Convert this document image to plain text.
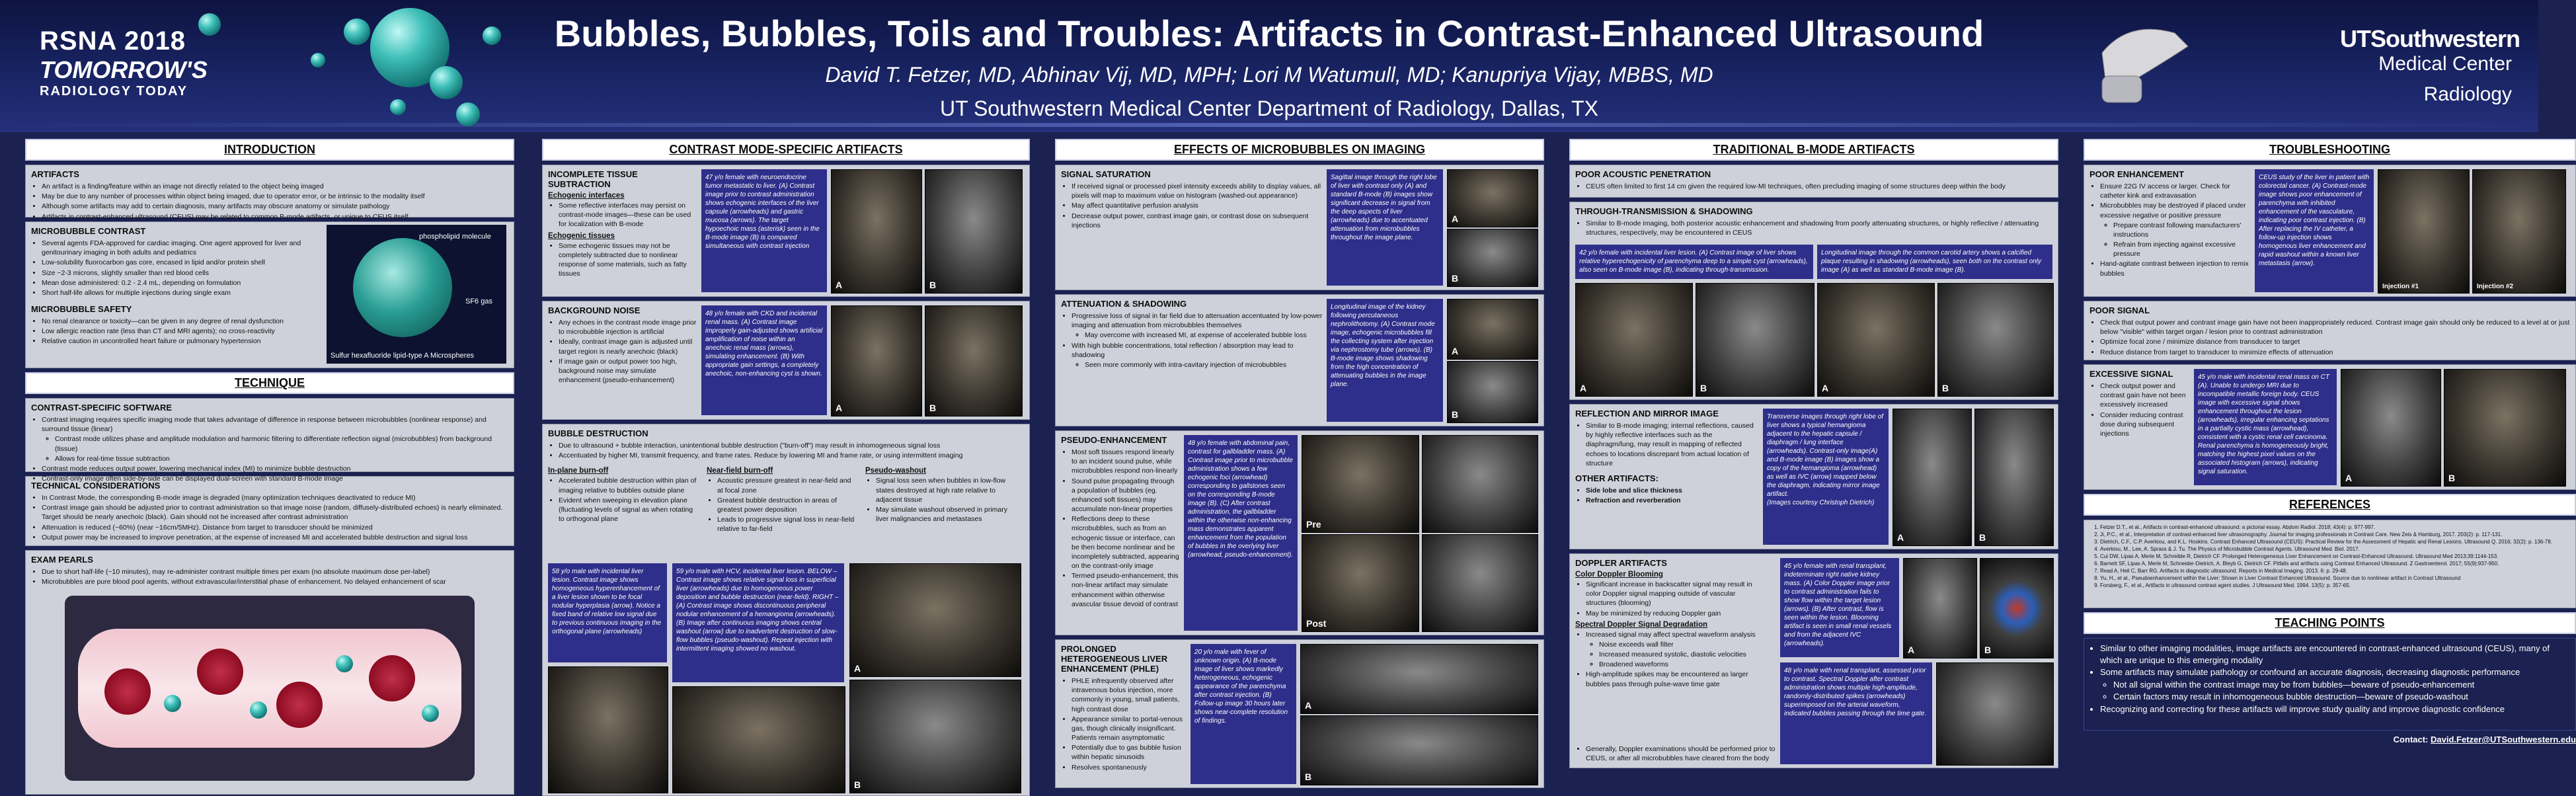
RSNA 2018
TOMORROW'S
RADIOLOGY TODAY
Bubbles, Bubbles, Toils and Troubles: Artifacts in Contrast-Enhanced Ultrasound
David T. Fetzer, MD, Abhinav Vij, MD, MPH; Lori M Watumull, MD; Kanupriya Vijay, MBBS, MD
UT Southwestern Medical Center Department of Radiology, Dallas, TX
UTSouthwestern
Medical Center
Radiology
INTRODUCTION
ARTIFACTS
• An artifact is a finding/feature within an image not directly related to the object being imaged
• May be due to any number of processes within object being imaged, due to operator error, or be intrinsic to the modality itself
• Although some artifacts may add to certain diagnosis, many artifacts may obscure anatomy or simulate pathology
• Artifacts in contrast-enhanced ultrasound (CEUS) may be related to common B-mode artifacts, or unique to CEUS itself
MICROBUBBLE CONTRAST
• Several agents FDA-approved for cardiac imaging. One agent approved for liver and genitourinary imaging in both adults and pediatrics
• Low-solubility fluorocarbon gas core, encased in lipid and/or protein shell
• Size ~2-3 microns, slightly smaller than red blood cells
• Mean dose administered: 0.2 - 2.4 mL, depending on formulation
• Short half-life allows for multiple injections during single exam
MICROBUBBLE SAFETY
• No renal clearance or toxicity—can be given in any degree of renal dysfunction
• Low allergic reaction rate (less than CT and MRI agents); no cross-reactivity
• Relative caution in uncontrolled heart failure or pulmonary hypertension
phospholipid molecule
SF6 gas
Sulfur hexafluoride lipid-type A Microspheres
TECHNIQUE
CONTRAST-SPECIFIC SOFTWARE
• Contrast imaging requires specific imaging mode that takes advantage of difference in response between microbubbles (nonlinear response) and surround tissue (linear)
◦ Contrast mode utilizes phase and amplitude modulation and harmonic filtering to differentiate reflection signal (microbubbles) from background (tissue)
◦ Allows for real-time tissue subtraction
• Contrast mode reduces output power, lowering mechanical index (MI) to minimize bubble destruction
• Contrast-only image often side-by-side can be displayed dual-screen with standard B-mode image
TECHNICAL CONSIDERATIONS
• In Contrast Mode, the corresponding B-mode image is degraded (many optimization techniques deactivated to reduce MI)
• Contrast image gain should be adjusted prior to contrast administration so that image noise (random, diffusely-distributed echoes) is nearly eliminated. Target should be nearly anechoic (black). Gain should not be increased after contrast administration
• Attenuation is reduced (~60%) (near ~16cm/5MHz). Distance from target to transducer should be minimized
• Output power may be increased to improve penetration, at the expense of increased MI and accelerated bubble destruction and signal loss
EXAM PEARLS
• Due to short half-life (~10 minutes), may re-administer contrast multiple times per exam (no absolute maximum dose per-label)
• Microbubbles are pure blood pool agents, without extravascular/interstitial phase of enhancement. No delayed enhancement of scar
CONTRAST MODE-SPECIFIC ARTIFACTS
INCOMPLETE TISSUE SUBTRACTION
Echogenic interfaces
• Some reflective interfaces may persist on contrast-mode images—these can be used for localization with B-mode
Echogenic tissues
• Some echogenic tissues may not be completely subtracted due to nonlinear response of some materials, such as fatty tissues
47 y/o female with neuroendocrine tumor metastatic to liver. (A) Contrast image prior to contrast administration shows echogenic interfaces of the liver capsule (arrowheads) and gastric mucosa (arrows). The target hypoechoic mass (asterisk) seen in the B-mode image (B) is compared simultaneous with contrast injection
A	B
BACKGROUND NOISE
• Any echoes in the contrast mode image prior to microbubble injection is artificial
• Ideally, contrast image gain is adjusted until target region is nearly anechoic (black)
• If image gain or output power too high, background noise may simulate enhancement (pseudo-enhancement)
48 y/o female with CKD and incidental renal mass. (A) Contrast image improperly gain-adjusted shows artificial amplification of noise within an anechoic renal mass (arrows), simulating enhancement. (B) With appropriate gain settings, a completely anechoic, non-enhancing cyst is shown.
A	B
BUBBLE DESTRUCTION
• Due to ultrasound + bubble interaction, unintentional bubble destruction ("burn-off") may result in inhomogeneous signal loss
• Accentuated by higher MI, transmit frequency, and frame rates. Reduce by lowering MI and frame rate, or using intermittent imaging
In-plane burn-off
• Accelerated bubble destruction within plan of imaging relative to bubbles outside plane
• Evident when sweeping in elevation plane (fluctuating levels of signal as when rotating to orthogonal plane
Near-field burn-off
• Acoustic pressure greatest in near-field and at focal zone
• Greatest bubble destruction in areas of greatest power deposition
• Leads to progressive signal loss in near-field relative to far-field
Pseudo-washout
• Signal loss seen when bubbles in low-flow states destroyed at high rate relative to adjacent tissue
• May simulate washout observed in primary liver malignancies and metastases
58 y/o male with incidental liver lesion. Contrast image shows homogeneous hyperenhancement of a liver lesion shown to be focal nodular hyperplasia (arrow). Notice a fixed band of relative low signal due to previous continuous imaging in the orthogonal plane (arrowheads)
59 y/o male with HCV, incidental liver lesion. BELOW – Contrast image shows relative signal loss in superficial liver (arrowheads) due to homogeneous power deposition and bubble destruction (near-field). RIGHT – (A) Contrast image shows discontinuous peripheral nodular enhancement of a hemangioma (arrowheads). (B) Image after continuous imaging shows central washout (arrow) due to inadvertent destruction of slow-flow bubbles (pseudo-washout). Repeat injection with intermittent imaging showed no washout.
A
B
EFFECTS OF MICROBUBBLES ON IMAGING
SIGNAL SATURATION
• If received signal or processed pixel intensity exceeds ability to display values, all pixels will map to maximum value on histogram (washed-out appearance)
• May affect quantitative perfusion analysis
• Decrease output power, contrast image gain, or contrast dose on subsequent injections
Sagittal image through the right lobe of liver with contrast only (A) and standard B-mode (B) images show significant decrease in signal from the deep aspects of liver (arrowheads) due to accentuated attenuation from microbubbles throughout the image plane.
A
B
ATTENUATION & SHADOWING
• Progressive loss of signal in far field due to attenuation accentuated by low-power imaging and attenuation from microbubbles themselves
◦ May overcome with increased MI, at expense of accelerated bubble loss
• With high bubble concentrations, total reflection / absorption may lead to shadowing
◦ Seen more commonly with intra-cavitary injection of microbubbles
Longitudinal image of the kidney following percutaneous nephrolithotomy. (A) Contrast mode image, echogenic microbubbles fill the collecting system after injection via nephrostomy tube (arrows). (B) B-mode image shows shadowing from the high concentration of attenuating bubbles in the image plane.
A
B
PSEUDO-ENHANCEMENT
• Most soft tissues respond linearly to an incident sound pulse, while microbubbles respond non-linearly
• Sound pulse propagating through a population of bubbles (eg. enhanced soft tissues) may accumulate non-linear properties
• Reflections deep to these microbubbles, such as from an echogenic tissue or interface, can be then become nonlinear and be incompletely subtracted, appearing on the contrast-only image
• Termed pseudo-enhancement, this non-linear artifact may simulate enhancement within otherwise avascular tissue devoid of contrast
48 y/o female with abdominal pain, contrast for gallbladder mass. (A) Contrast image prior to microbubble administration shows a few echogenic foci (arrowhead) corresponding to gallstones seen on the corresponding B-mode image (B). (C) After contrast administration, the gallbladder within the otherwise non-enhancing mass demonstrates apparent enhancement from the population of bubbles in the overlying liver (arrowhead, pseudo-enhancement).
Pre
Post
PROLONGED HETEROGENEOUS LIVER ENHANCEMENT (PHLE)
• PHLE infrequently observed after intravenous bolus injection, more commonly in young, small patients, high contrast dose
• Appearance similar to portal-venous gas, though clinically insignificant. Patients remain asymptomatic
• Potentially due to gas bubble fusion within hepatic sinusoids
• Resolves spontaneously
20 y/o male with fever of unknown origin. (A) B-mode image of liver shows markedly heterogeneous, echogenic appearance of the parenchyma after contrast injection. (B) Follow-up image 30 hours later shows near-complete resolution of findings.
A
B
TRADITIONAL B-MODE ARTIFACTS
POOR ACOUSTIC PENETRATION
• CEUS often limited to first 14 cm given the required low-MI techniques, often precluding imaging of some structures deep within the body
THROUGH-TRANSMISSION & SHADOWING
• Similar to B-mode imaging, both posterior acoustic enhancement and shadowing from poorly attenuating structures, or highly reflective / attenuating structures, respectively, may be encountered in CEUS
42 y/o female with incidental liver lesion. (A) Contrast image of liver shows relative hyperechogenicity of parenchyma deep to a simple cyst (arrowheads), also seen on B-mode image (B), indicating through-transmission.
Longitudinal image through the common carotid artery shows a calcified plaque resulting in shadowing (arrowheads), seen both on the contrast only image (A) as well as standard B-mode image (B).
A	B	A	B
REFLECTION AND MIRROR IMAGE
• Similar to B-mode imaging; internal reflections, caused by highly reflective interfaces such as the diaphragm/lung, may result in mapping of reflected echoes to locations discrepant from actual location of structure
OTHER ARTIFACTS:
• Side lobe and slice thickness
• Refraction and reverberation
Transverse images through right lobe of liver shows a typical hemangioma adjacent to the hepatic capsule / diaphragm / lung interface (arrowheads). Contrast-only image(A) and B-mode image (B) images show a copy of the hemangioma (arrowhead) as well as IVC (arrow) mapped below the diaphragm, indicating mirror image artifact.
(Images courtesy Christoph Dietrich)
A	B
DOPPLER ARTIFACTS
Color Doppler Blooming
• Significant increase in backscatter signal may result in color Doppler signal mapping outside of vascular structures (blooming)
• May be minimized by reducing Doppler gain
Spectral Doppler Signal Degradation
• Increased signal may affect spectral waveform analysis
◦ Noise exceeds wall filter
◦ Increased measured systolic, diastolic velocities
◦ Broadened waveforms
• High-amplitude spikes may be encountered as larger bubbles pass through pulse-wave time gate
• Generally, Doppler examinations should be performed prior to CEUS, or after all microbubbles have cleared from the body
45 y/o female with renal transplant, indeterminate right native kidney mass. (A) Color Doppler image prior to contrast administration fails to show flow within the target lesion (arrows). (B) After contrast, flow is seen within the lesion. Blooming artifact is seen in small renal vessels and from the adjacent IVC (arrowheads).
A	B
48 y/o male with renal transplant, assessed prior to contrast. Spectral Doppler after contrast administration shows multiple high-amplitude, randomly-distributed spikes (arrowheads) superimposed on the arterial waveform, indicated bubbles passing through the time gate.
TROUBLESHOOTING
POOR ENHANCEMENT
• Ensure 22G IV access or larger. Check for catheter kink and extravasation
• Microbubbles may be destroyed if placed under excessive negative or positive pressure
◦ Prepare contrast following manufacturers' instructions
◦ Refrain from injecting against excessive pressure
• Hand-agitate contrast between injection to remix bubbles
CEUS study of the liver in patient with colorectal cancer. (A) Contrast-mode image shows poor enhancement of parenchyma with inhibited enhancement of the vasculature, indicating poor contrast injection. (B) After replacing the IV catheter, a follow-up injection shows homogenous liver enhancement and rapid washout within a known liver metastasis (arrow).
Injection #1	Injection #2
POOR SIGNAL
• Check that output power and contrast image gain have not been inappropriately reduced. Contrast image gain should only be reduced to a level at or just below "visible" within target organ / lesion prior to contrast administration
• Optimize focal zone / minimize distance from transducer to target
• Reduce distance from target to transducer to minimize effects of attenuation
EXCESSIVE SIGNAL
• Check output power and contrast gain have not been excessively increased
• Consider reducing contrast dose during subsequent injections
45 y/o male with incidental renal mass on CT (A). Unable to undergo MRI due to incompatible metallic foreign body. CEUS image with excessive signal shows enhancement throughout the lesion (arrowheads), irregular enhancing septations in a partially cystic mass (arrowhead), consistent with a cystic renal cell carcinoma. Renal parenchyma is homogeneously bright, matching the highest pixel values on the associated histogram (arrows), indicating signal saturation.
A	B
REFERENCES
1. Fetzer D.T., et al., Artifacts in contrast-enhanced ultrasound: a pictorial essay. Abdom Radiol. 2018; 43(4): p. 977-997.
2. Ji, P.C., et al., Interpretation of contrast-enhanced liver ultrasonography. Journal for imaging professionals in Contrast Care. New Zeis & Hamburg, 2017. 203(2): p. 117-131.
3. Dietrich, C.F., C.P. Averkiou, and K.L. Hoskins. Contrast Enhanced Ultrasound (CEUS): Practical Review for the Assessment of Hepatic and Renal Lesions. Ultrasound Q. 2016; 32(2): p. 136-78.
4. Averkiou, M., Lee, A. Sprass & J. Tu. The Physics of Microbubble Contrast Agents. Ultrasound Med. Biol. 2017.
5. Cui DW, Lipas A, Merle M, Schreible R, Dietrich CF. Prolonged Heterogeneous Liver Enhancement on Contrast-Enhanced Ultrasound. Ultrasound Med 2013;39:1144-153.
6. Barnett SF, Lipas A, Merle M, Schneider-Dietrich, A. Bleyb G, Dietrich CF. Pitfalls and artifacts using Contrast Enhanced Ultrasound. Z Gastroenterol. 2017; 55(9):937-950.
7. Read A, Heil C, Barr RG. Artifacts in diagnostic ultrasound. Reports in Medical Imaging. 2013. 6: p. 29-48.
8. Yu, H., et al., Pseudoenhancement within the Liver: Shown in Liver Contrast Enhanced Ultrasound. Source due to nonlinear artifact in Contrast Ultrasound
9. Forsberg, F., et al., Artifacts in ultrasound contrast agent studies. J Ultrasound Med. 1994. 13(5): p. 357-65.
TEACHING POINTS
• Similar to other imaging modalities, image artifacts are encountered in contrast-enhanced ultrasound (CEUS), many of which are unique to this emerging modality
• Some artifacts may simulate pathology or confound an accurate diagnosis, decreasing diagnostic performance
◦ Not all signal within the contrast image may be from bubbles—beware of pseudo-enhancement
◦ Certain factors may result in inhomogeneous bubble destruction—beware of pseudo-washout
• Recognizing and correcting for these artifacts will improve study quality and improve diagnostic confidence
Contact: David.Fetzer@UTSouthwestern.edu
